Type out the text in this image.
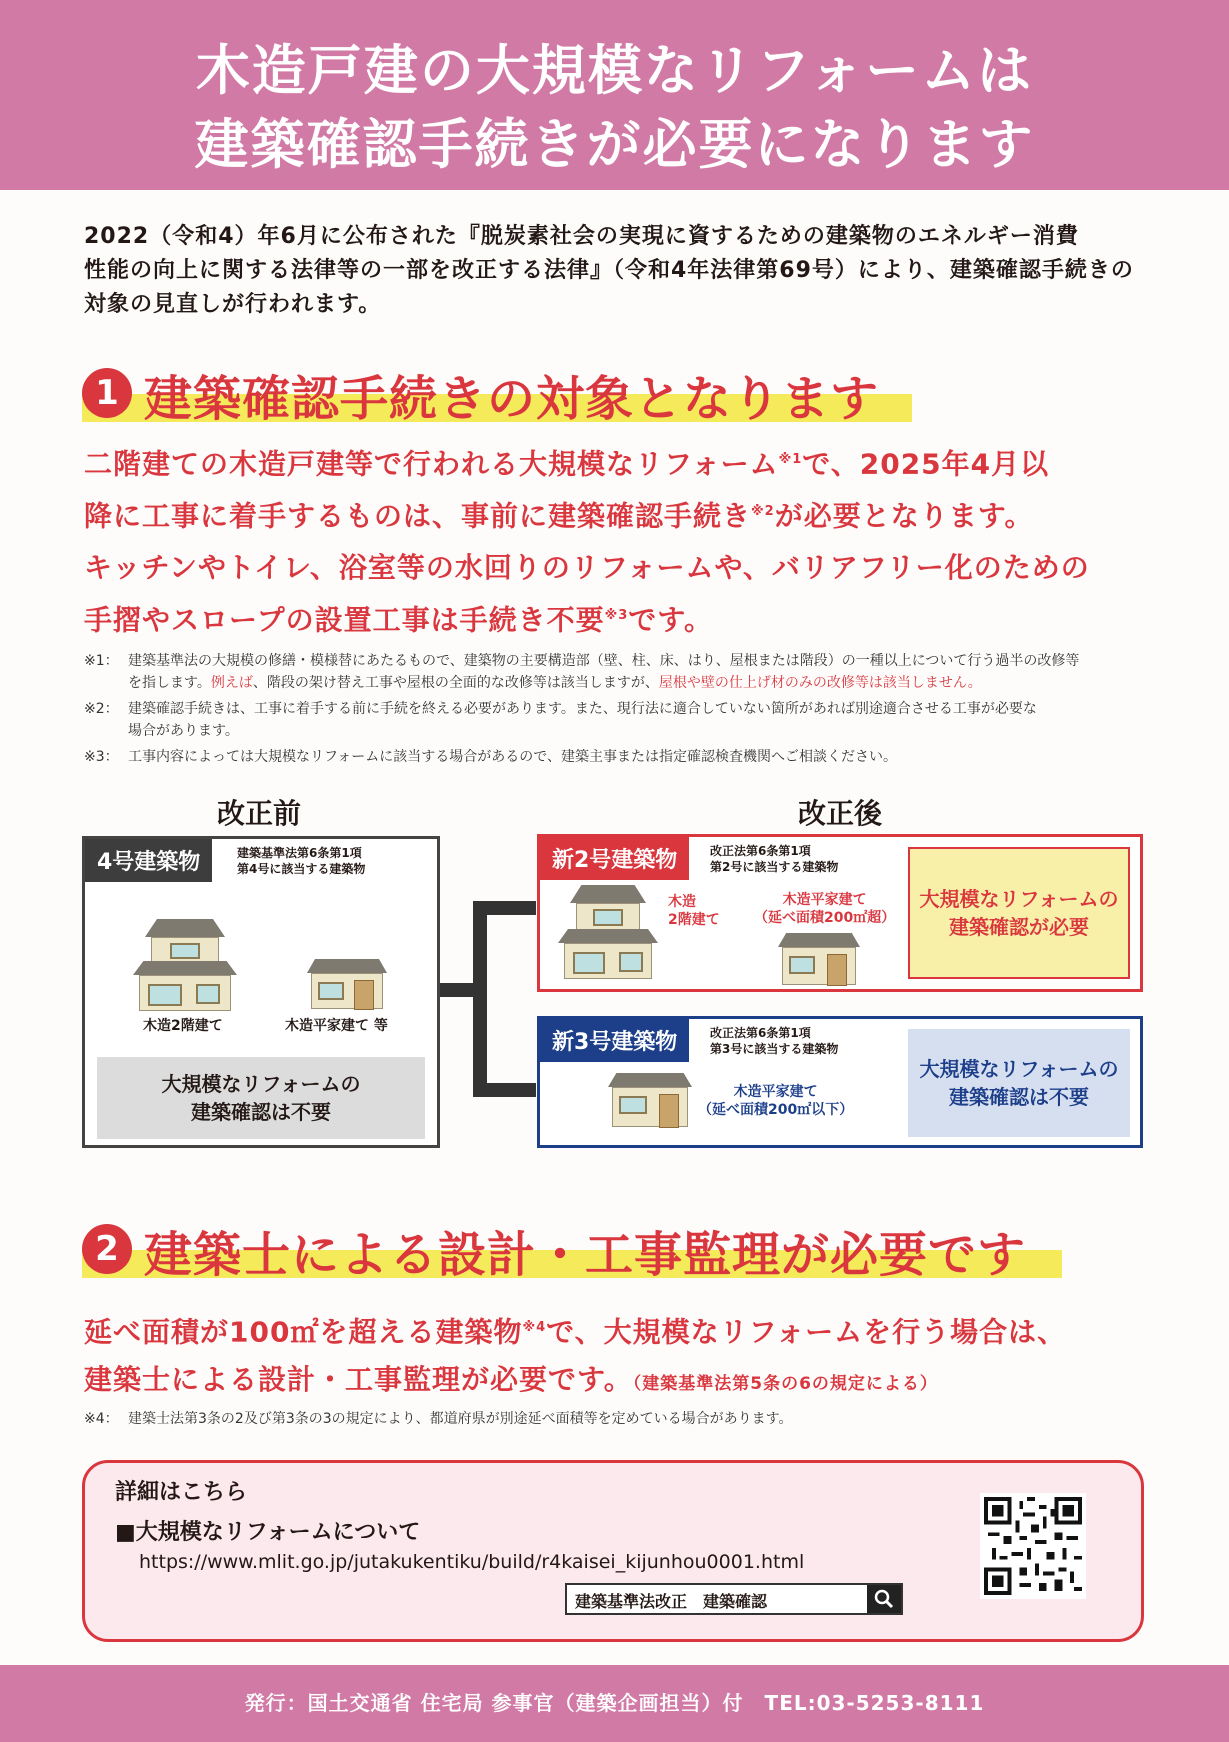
木造戸建の大規模なリフォームは
建築確認手続きが必要になります
2022（令和4）年6月に公布された『脱炭素社会の実現に資するための建築物のエネルギー消費
性能の向上に関する法律等の一部を改正する法律』（令和4年法律第69号）により、建築確認手続きの
対象の見直しが行われます。
1 建築確認手続きの対象となります
二階建ての木造戸建等で行われる大規模なリフォーム$^{※1}$で、2025年4月以
降に工事に着手するものは、事前に建築確認手続き$^{※2}$が必要となります。
キッチンやトイレ、浴室等の水回りのリフォームや、バリアフリー化のための
手摺やスロープの設置工事は手続き不要$^{※3}$です。
※1： 建築基準法の大規模の修繕・模様替にあたるもので、建築物の主要構造部（壁、柱、床、はり、屋根または階段）の一種以上について行う過半の改修等
を指します。例えば、階段の架け替え工事や屋根の全面的な改修等は該当しますが、屋根や壁の仕上げ材のみの改修等は該当しません。
※2： 建築確認手続きは、工事に着手する前に手続を終える必要があります。また、現行法に適合していない箇所があれば別途適合させる工事が必要な
場合があります。
※3： 工事内容によっては大規模なリフォームに該当する場合があるので、建築主事または指定確認検査機関へご相談ください。
改正前	改正後
4号建築物	建築基準法第6条第1項
第4号に該当する建築物
木造2階建て	木造平家建て 等
大規模なリフォームの
建築確認は不要
新2号建築物	改正法第6条第1項
第2号に該当する建築物
木造
2階建て
木造平家建て
（延べ面積200㎡超）
大規模なリフォームの
建築確認が必要
新3号建築物	改正法第6条第1項
第3号に該当する建築物
木造平家建て
（延べ面積200㎡以下）
大規模なリフォームの
建築確認は不要
2 建築士による設計・工事監理が必要です
延べ面積が100㎡を超える建築物$^{※4}$で、大規模なリフォームを行う場合は、
建築士による設計・工事監理が必要です。（建築基準法第5条の6の規定による）
※4： 建築士法第3条の2及び第3条の3の規定により、都道府県が別途延べ面積等を定めている場合があります。
詳細はこちら
■大規模なリフォームについて
https://www.mlit.go.jp/jutakukentiku/build/r4kaisei_kijunhou0001.html
建築基準法改正　建築確認
発行：国土交通省 住宅局 参事官（建築企画担当）付　TEL:03-5253-8111
